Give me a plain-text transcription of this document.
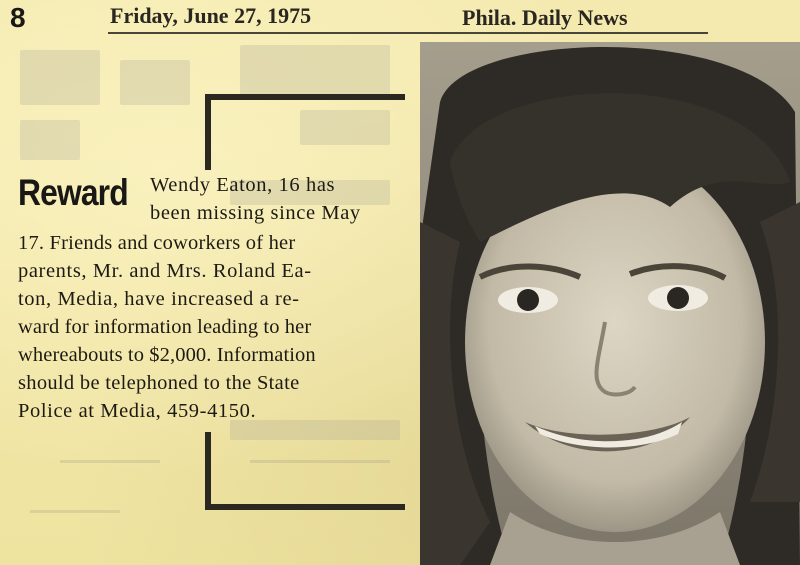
8	Friday, June 27, 1975	Phila. Daily News
Reward Wendy Eaton, 16 has
been missing since May
17. Friends and coworkers of her
parents, Mr. and Mrs. Roland Ea-
ton, Media, have increased a re-
ward for information leading to her
whereabouts to $2,000. Information
should be telephoned to the State
Police at Media, 459-4150.
